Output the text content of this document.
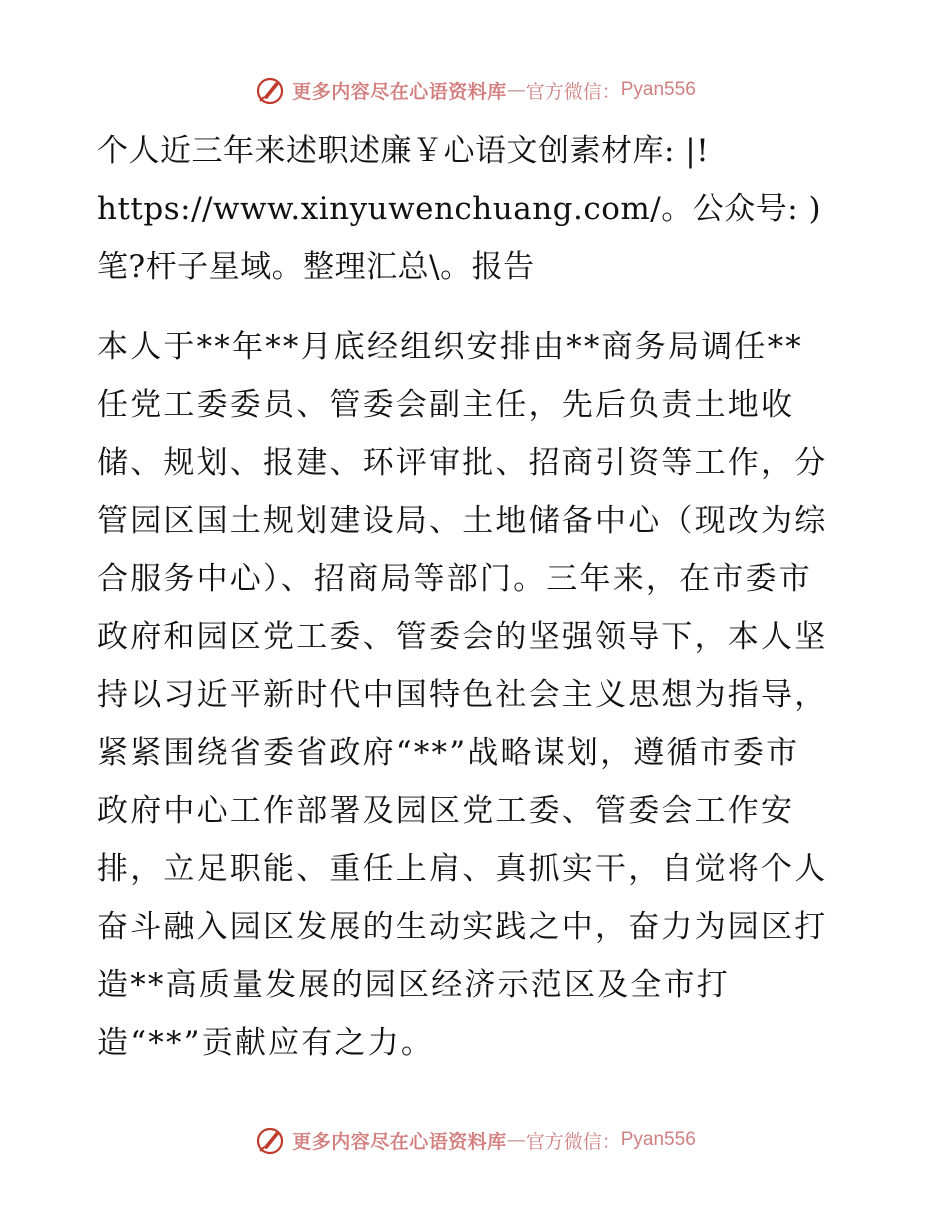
更多内容尽在心语资料库 — 官方微信： Pyan556
个人近三年来述职述廉￥心语文创素材库: |!
https://www.xinyuwenchuang.com/。公众号: )
笔?杆子星域。整理汇总\。报告
本人于**年**月底经组织安排由**商务局调任**
任党工委委员、管委会副主任，先后负责土地收
储、规划、报建、环评审批、招商引资等工作，分
管园区国土规划建设局、土地储备中心（现改为综
合服务中心）、招商局等部门。三年来，在市委市
政府和园区党工委、管委会的坚强领导下，本人坚
持以习近平新时代中国特色社会主义思想为指导，
紧紧围绕省委省政府“**”战略谋划，遵循市委市
政府中心工作部署及园区党工委、管委会工作安
排，立足职能、重任上肩、真抓实干，自觉将个人
奋斗融入园区发展的生动实践之中，奋力为园区打
造**高质量发展的园区经济示范区及全市打
造“**”贡献应有之力。
更多内容尽在心语资料库 — 官方微信： Pyan556
